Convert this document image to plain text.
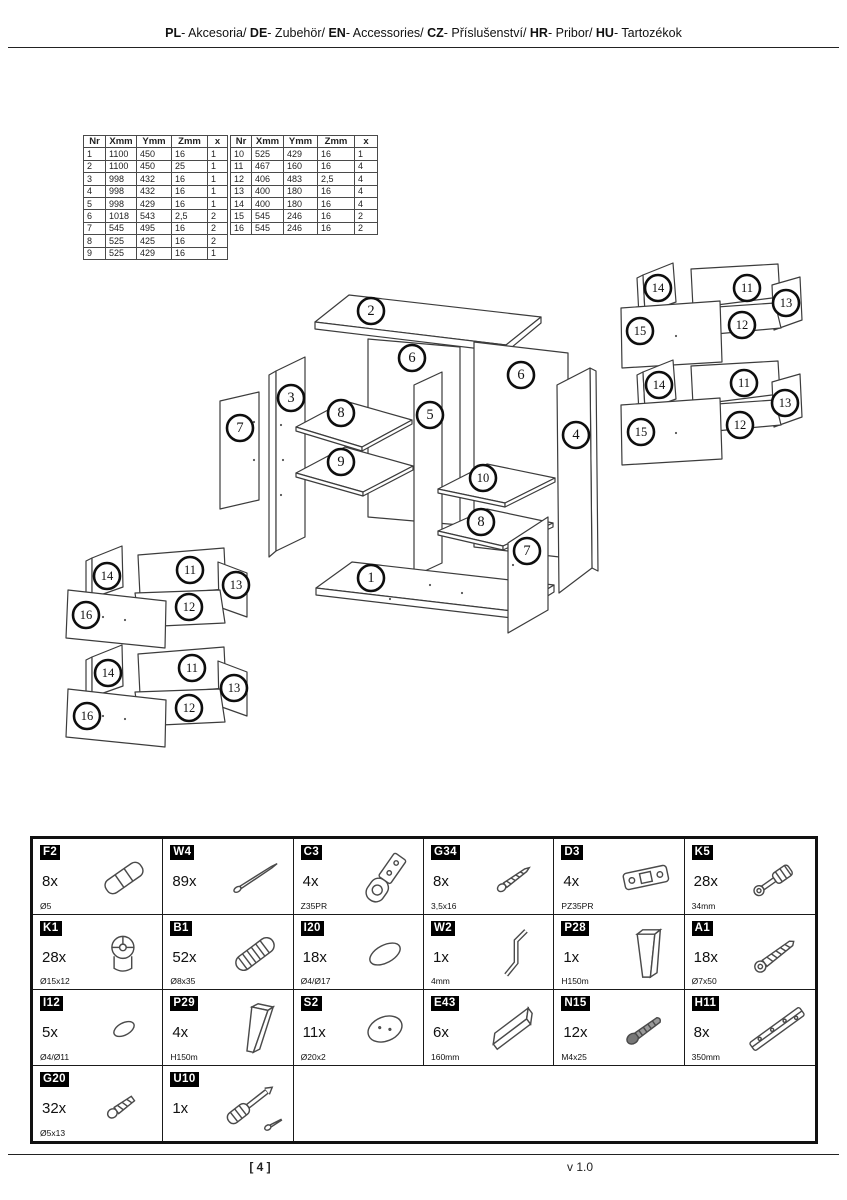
PL- Akcesoria/ DE- Zubehör/ EN- Accessories/ CZ- Příslušenství/ HR- Pribor/ HU- Tartozékok
Nr	Xmm	Ymm	Zmm	x
1	1100	450	16	1
2	1100	450	25	1
3	998	432	16	1
4	998	432	16	1
5	998	429	16	1
6	1018	543	2,5	2
7	545	495	16	2
8	525	425	16	2
9	525	429	16	1
Nr	Xmm	Ymm	Zmm	x
10	525	429	16	1
11	467	160	16	4
12	406	483	2,5	4
13	400	180	16	4
14	400	180	16	4
15	545	246	16	2
16	545	246	16	2
2
6
6
3
8	5
7	4
9
10
8
7
1
14	11
13
12
15
14	11
13
12
15
14	11
13
12
16
14	11
13
12
16
F2
8x
Ø5
W4
89x
C3
4x
Z35PR
G34
8x
3,5x16
D3
4x
PZ35PR
K5
28x
34mm
K1
28x
Ø15x12
B1
52x
Ø8x35
I20
18x
Ø4/Ø17
W2
1x
4mm
P28
1x
H150m
A1
18x
Ø7x50
I12
5x
Ø4/Ø11
P29
4x
H150m
S2
11x
Ø20x2
E43
6x
160mm
N15
12x
M4x25
H11
8x
350mm
G20
32x
Ø5x13
U10
1x
[ 4 ]	v 1.0
